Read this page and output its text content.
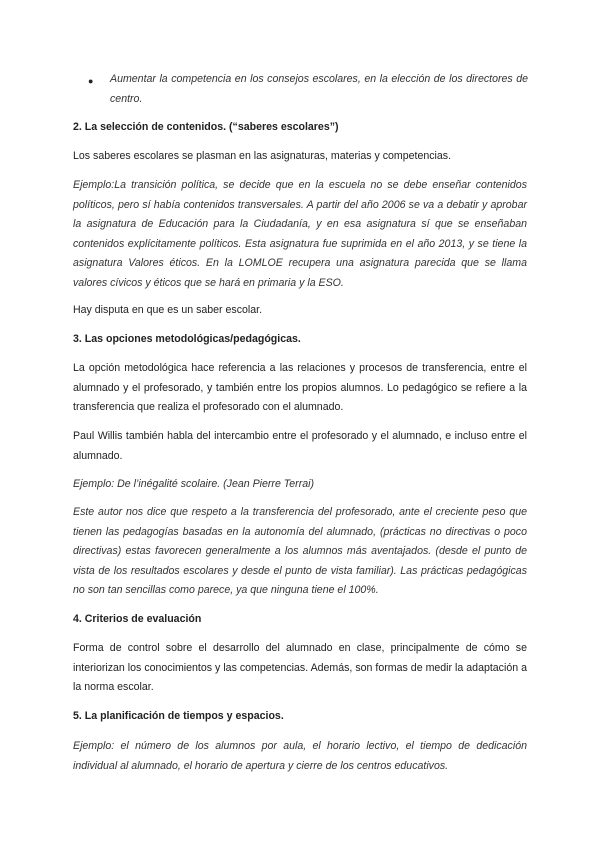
● Aumentar la competencia en los consejos escolares, en la elección de los directores de centro.

2. La selección de contenidos. (“saberes escolares”)

Los saberes escolares se plasman en las asignaturas, materias y competencias.

Ejemplo:La transición política, se decide que en la escuela no se debe enseñar contenidos políticos, pero sí había contenidos transversales. A partir del año 2006 se va a debatir y aprobar la asignatura de Educación para la Ciudadanía, y en esa asignatura sí que se enseñaban contenidos explícitamente políticos. Esta asignatura fue suprimida en el año 2013, y se tiene la asignatura Valores éticos. En la LOMLOE recupera una asignatura parecida que se llama valores cívicos y éticos que se hará en primaria y la ESO.

Hay disputa en que es un saber escolar.

3. Las opciones metodológicas/pedagógicas.

La opción metodológica hace referencia a las relaciones y procesos de transferencia, entre el alumnado y el profesorado, y también entre los propios alumnos. Lo pedagógico se refiere a la transferencia que realiza el profesorado con el alumnado.

Paul Willis también habla del intercambio entre el profesorado y el alumnado, e incluso entre el alumnado.

Ejemplo: De l’inégalité scolaire. (Jean Pierre Terrai)

Este autor nos dice que respeto a la transferencia del profesorado, ante el creciente peso que tienen las pedagogías basadas en la autonomía del alumnado, (prácticas no directivas o poco directivas) estas favorecen generalmente a los alumnos más aventajados. (desde el punto de vista de los resultados escolares y desde el punto de vista familiar). Las prácticas pedagógicas no son tan sencillas como parece, ya que ninguna tiene el 100%.

4. Criterios de evaluación

Forma de control sobre el desarrollo del alumnado en clase, principalmente de cómo se interiorizan los conocimientos y las competencias. Además, son formas de medir la adaptación a la norma escolar.

5. La planificación de tiempos y espacios.

Ejemplo: el número de los alumnos por aula, el horario lectivo, el tiempo de dedicación individual al alumnado, el horario de apertura y cierre de los centros educativos.
